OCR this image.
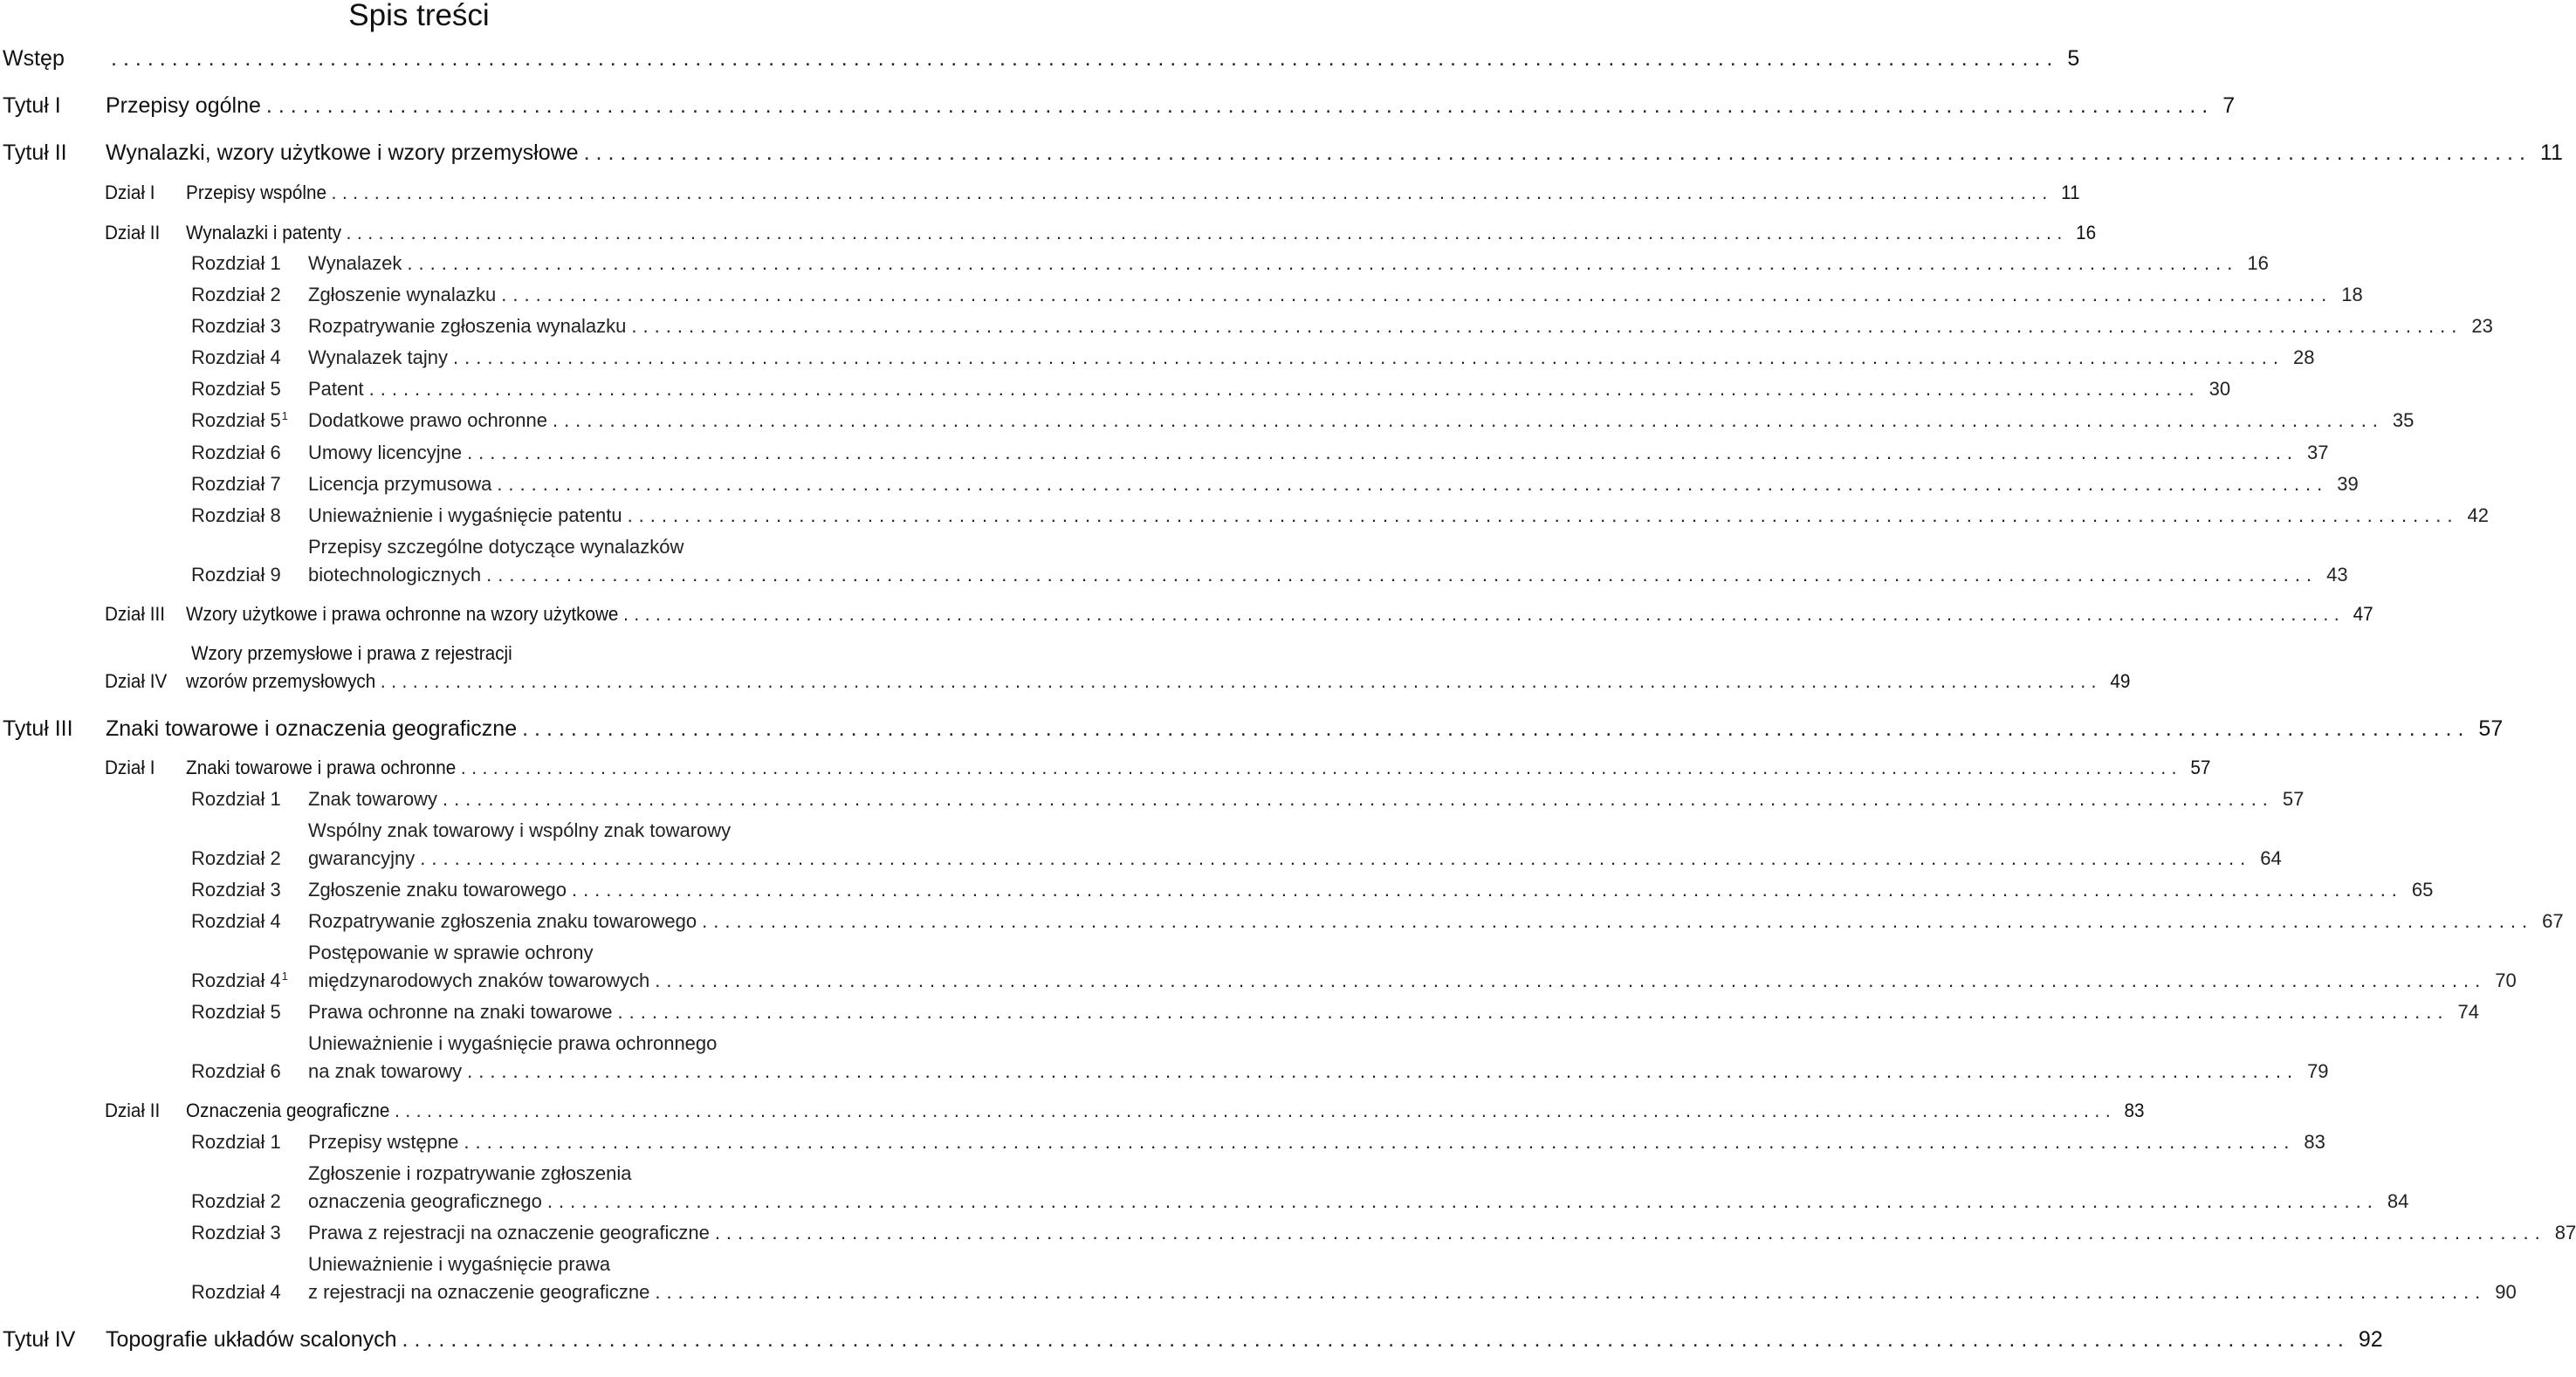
Spis treści
Wstęp	................................................................................................................................................................ 5
Tytuł I	Przepisy ogólne ................................................................................................................................................................ 7
Tytuł II	Wynalazki, wzory użytkowe i wzory przemysłowe ................................................................................................................................................................ 11
Dział I	Przepisy wspólne ................................................................................................................................................................ 11
Dział II	Wynalazki i patenty ................................................................................................................................................................ 16
Rozdział 1	Wynalazek ................................................................................................................................................................ 16
Rozdział 2	Zgłoszenie wynalazku ................................................................................................................................................................ 18
Rozdział 3	Rozpatrywanie zgłoszenia wynalazku ................................................................................................................................................................ 23
Rozdział 4	Wynalazek tajny ................................................................................................................................................................ 28
Rozdział 5	Patent ................................................................................................................................................................ 30
Rozdział $5^1$	Dodatkowe prawo ochronne ................................................................................................................................................................ 35
Rozdział 6	Umowy licencyjne ................................................................................................................................................................ 37
Rozdział 7	Licencja przymusowa ................................................................................................................................................................ 39
Rozdział 8	Unieważnienie i wygaśnięcie patentu ................................................................................................................................................................ 42
Przepisy szczególne dotyczące wynalazków
Rozdział 9	biotechnologicznych ................................................................................................................................................................ 43
Dział III	Wzory użytkowe i prawa ochronne na wzory użytkowe ................................................................................................................................................................ 47
Wzory przemysłowe i prawa z rejestracji
Dział IV wzorów przemysłowych ................................................................................................................................................................ 49
Tytuł III	Znaki towarowe i oznaczenia geograficzne ................................................................................................................................................................ 57
Dział I	Znaki towarowe i prawa ochronne ................................................................................................................................................................ 57
Rozdział 1	Znak towarowy ................................................................................................................................................................ 57
Wspólny znak towarowy i wspólny znak towarowy
Rozdział 2	gwarancyjny ................................................................................................................................................................ 64
Rozdział 3	Zgłoszenie znaku towarowego ................................................................................................................................................................ 65
Rozdział 4	Rozpatrywanie zgłoszenia znaku towarowego ................................................................................................................................................................ 67
Postępowanie w sprawie ochrony
Rozdział $4^1$	międzynarodowych znaków towarowych ................................................................................................................................................................ 70
Rozdział 5	Prawa ochronne na znaki towarowe ................................................................................................................................................................ 74
Unieważnienie i wygaśnięcie prawa ochronnego
Rozdział 6	na znak towarowy ................................................................................................................................................................ 79
Dział II	Oznaczenia geograficzne ................................................................................................................................................................ 83
Rozdział 1	Przepisy wstępne ................................................................................................................................................................ 83
Zgłoszenie i rozpatrywanie zgłoszenia
Rozdział 2	oznaczenia geograficznego ................................................................................................................................................................ 84
Rozdział 3	Prawa z rejestracji na oznaczenie geograficzne ................................................................................................................................................................ 87
Unieważnienie i wygaśnięcie prawa
Rozdział 4	z rejestracji na oznaczenie geograficzne ................................................................................................................................................................ 90
Tytuł IV	Topografie układów scalonych ................................................................................................................................................................ 92
